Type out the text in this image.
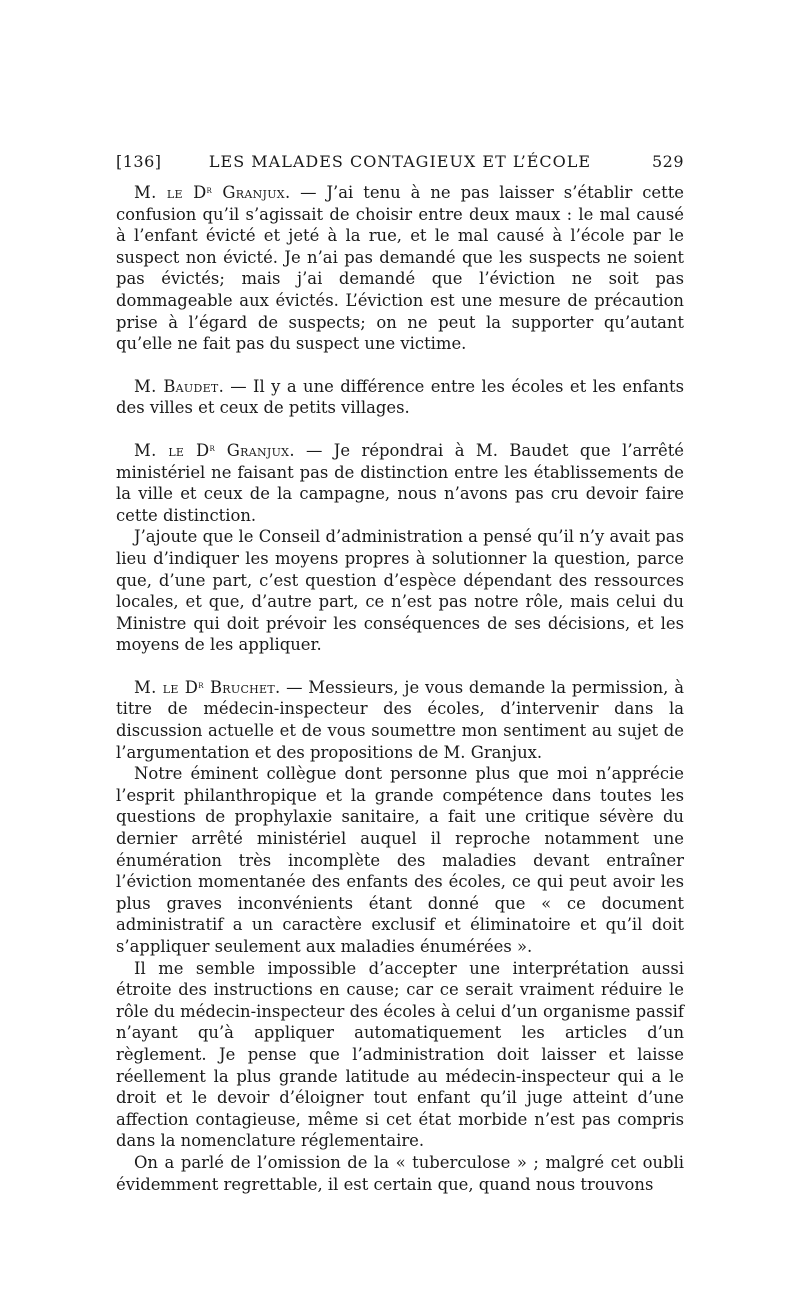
[136]	LES MALADES CONTAGIEUX ET L’ÉCOLE	529

M. le $D^r$ Granjux. — J’ai tenu à ne pas laisser s’établir cette confusion qu’il s’agissait de choisir entre deux maux : le mal causé à l’enfant évicté et jeté à la rue, et le mal causé à l’école par le suspect non évicté. Je n’ai pas demandé que les suspects ne soient pas évictés; mais j’ai demandé que l’éviction ne soit pas dommageable aux évictés. L’éviction est une mesure de précaution prise à l’égard de suspects; on ne peut la supporter qu’autant qu’elle ne fait pas du suspect une victime.

M. Baudet. — Il y a une différence entre les écoles et les enfants des villes et ceux de petits villages.

M. le $D^r$ Granjux. — Je répondrai à M. Baudet que l’arrêté ministériel ne faisant pas de distinction entre les établissements de la ville et ceux de la campagne, nous n’avons pas cru devoir faire cette distinction.

J’ajoute que le Conseil d’administration a pensé qu’il n’y avait pas lieu d’indiquer les moyens propres à solutionner la question, parce que, d’une part, c’est question d’espèce dépendant des ressources locales, et que, d’autre part, ce n’est pas notre rôle, mais celui du Ministre qui doit prévoir les conséquences de ses décisions, et les moyens de les appliquer.

M. le $D^r$ Bruchet. — Messieurs, je vous demande la permission, à titre de médecin-inspecteur des écoles, d’intervenir dans la discussion actuelle et de vous soumettre mon sentiment au sujet de l’argumentation et des propositions de M. Granjux.

Notre éminent collègue dont personne plus que moi n’apprécie l’esprit philanthropique et la grande compétence dans toutes les questions de prophylaxie sanitaire, a fait une critique sévère du dernier arrêté ministériel auquel il reproche notamment une énumération très incomplète des maladies devant entraîner l’éviction momentanée des enfants des écoles, ce qui peut avoir les plus graves inconvénients étant donné que « ce document administratif a un caractère exclusif et éliminatoire et qu’il doit s’appliquer seulement aux maladies énumérées ».

Il me semble impossible d’accepter une interprétation aussi étroite des instructions en cause; car ce serait vraiment réduire le rôle du médecin-inspecteur des écoles à celui d’un organisme passif n’ayant qu’à appliquer automatiquement les articles d’un règlement. Je pense que l’administration doit laisser et laisse réellement la plus grande latitude au médecin-inspecteur qui a le droit et le devoir d’éloigner tout enfant qu’il juge atteint d’une affection contagieuse, même si cet état morbide n’est pas compris dans la nomenclature réglementaire.

On a parlé de l’omission de la « tuberculose » ; malgré cet oubli évidemment regrettable, il est certain que, quand nous trouvons
